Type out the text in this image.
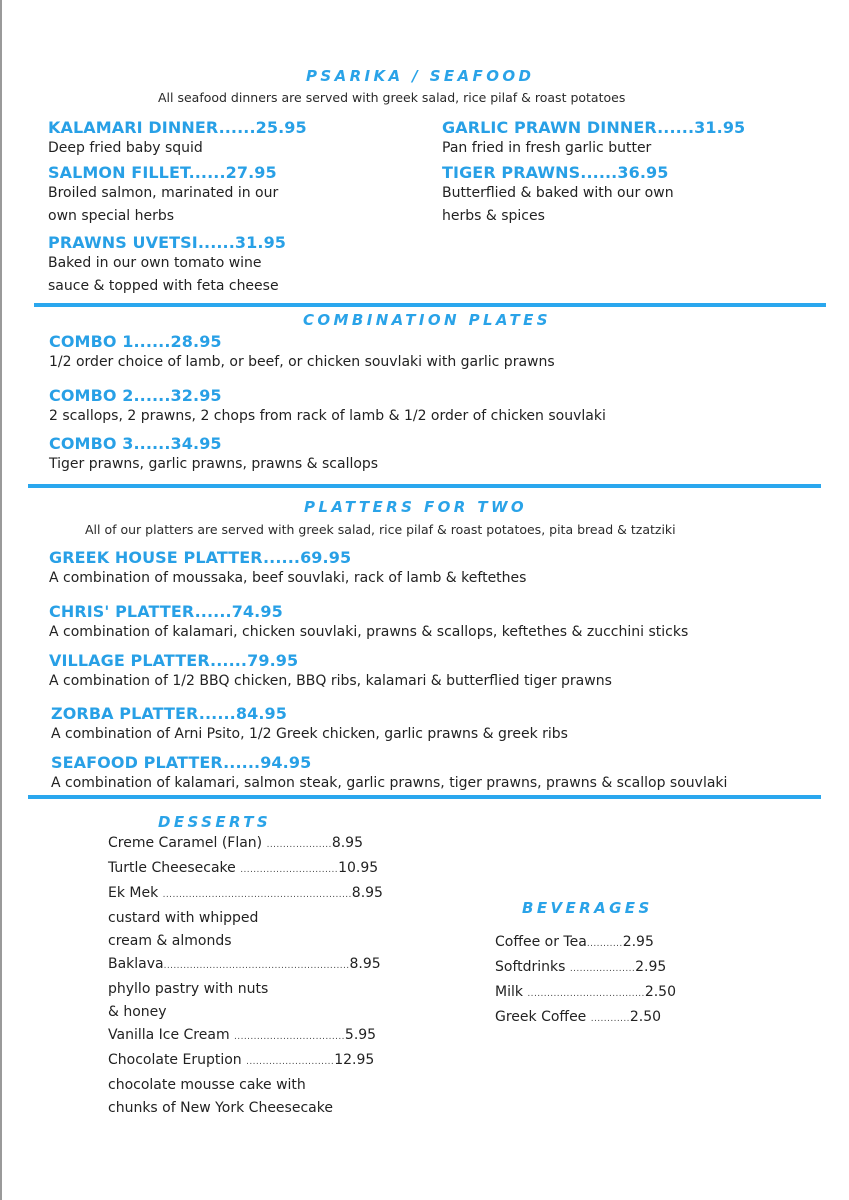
PSARIKA / SEAFOOD
All seafood dinners are served with greek salad, rice pilaf & roast potatoes
KALAMARI DINNER......25.95
Deep fried baby squid
SALMON FILLET......27.95
Broiled salmon, marinated in our
own special herbs
PRAWNS UVETSI......31.95
Baked in our own tomato wine
sauce & topped with feta cheese
GARLIC PRAWN DINNER......31.95
Pan fried in fresh garlic butter
TIGER PRAWNS......36.95
Butterflied & baked with our own
herbs & spices
COMBINATION PLATES
COMBO 1......28.95
1/2 order choice of lamb, or beef, or chicken souvlaki with garlic prawns
COMBO 2......32.95
2 scallops, 2 prawns, 2 chops from rack of lamb & 1/2 order of chicken souvlaki
COMBO 3......34.95
Tiger prawns, garlic prawns, prawns & scallops
PLATTERS FOR TWO
All of our platters are served with greek salad, rice pilaf & roast potatoes, pita bread & tzatziki
GREEK HOUSE PLATTER......69.95
A combination of moussaka, beef souvlaki, rack of lamb & keftethes
CHRIS' PLATTER......74.95
A combination of kalamari, chicken souvlaki, prawns & scallops, keftethes & zucchini sticks
VILLAGE PLATTER......79.95
A combination of 1/2 BBQ chicken, BBQ ribs, kalamari & butterflied tiger prawns
ZORBA PLATTER......84.95
A combination of Arni Psito, 1/2 Greek chicken, garlic prawns & greek ribs
SEAFOOD PLATTER......94.95
A combination of kalamari, salmon steak, garlic prawns, tiger prawns, prawns & scallop souvlaki
DESSERTS
Creme Caramel (Flan) ....................8.95
Turtle Cheesecake ..............................10.95
Ek Mek ..........................................................8.95
custard with whipped
cream & almonds
Baklava.........................................................8.95
phyllo pastry with nuts
& honey
Vanilla Ice Cream ..................................5.95
Chocolate Eruption ...........................12.95
chocolate mousse cake with
chunks of New York Cheesecake
BEVERAGES
Coffee or Tea...........2.95
Softdrinks ....................2.95
Milk ....................................2.50
Greek Coffee ............2.50
